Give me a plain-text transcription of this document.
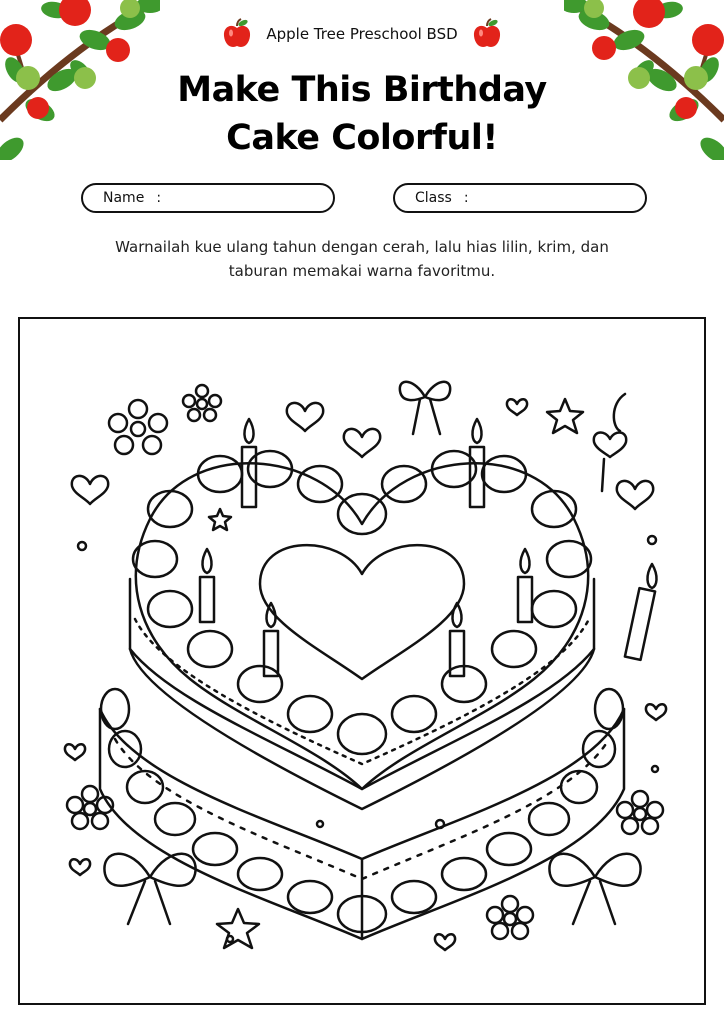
Apple Tree Preschool BSD
Make This Birthday
Cake Colorful!
Name :	Class :

Warnailah kue ulang tahun dengan cerah, lalu hias lilin, krim, dan
taburan memakai warna favoritmu.
